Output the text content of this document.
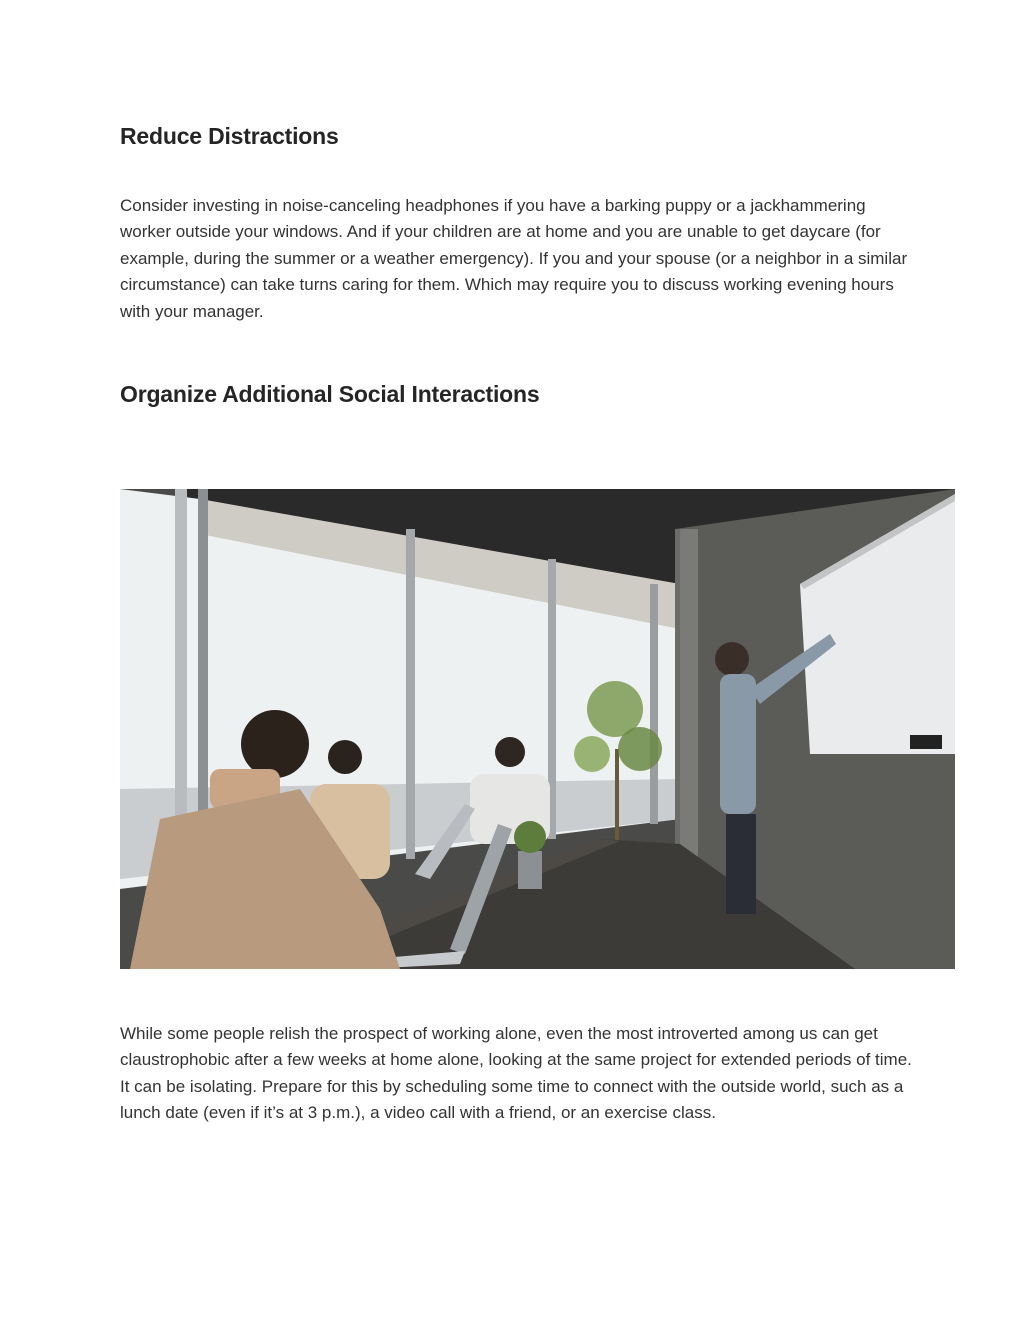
Reduce Distractions

Consider investing in noise-canceling headphones if you have a barking puppy or a jackhammering worker outside your windows. And if your children are at home and you are unable to get daycare (for example, during the summer or a weather emergency). If you and your spouse (or a neighbor in a similar circumstance) can take turns caring for them. Which may require you to discuss working evening hours with your manager.

Organize Additional Social Interactions

While some people relish the prospect of working alone, even the most introverted among us can get claustrophobic after a few weeks at home alone, looking at the same project for extended periods of time. It can be isolating. Prepare for this by scheduling some time to connect with the outside world, such as a lunch date (even if it’s at 3 p.m.), a video call with a friend, or an exercise class.
